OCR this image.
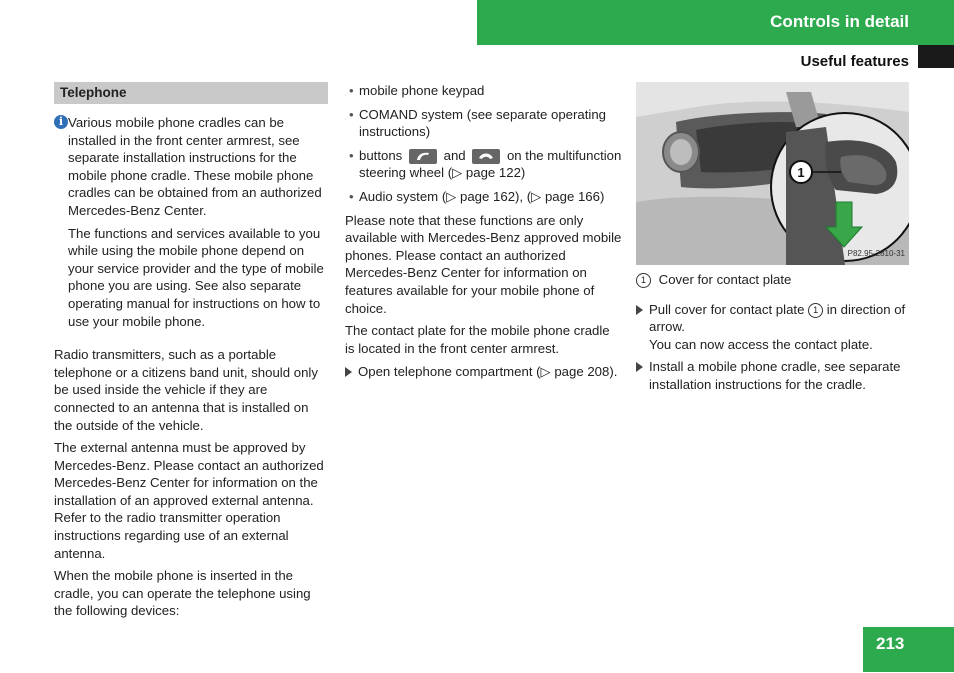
Controls in detail
Useful features
Telephone
i Various mobile phone cradles can be installed in the front center armrest, see separate installation instructions for the mobile phone cradle. These mobile phone cradles can be obtained from an authorized Mercedes-Benz Center.

The functions and services available to you while using the mobile phone depend on your service provider and the type of mobile phone you are using. See also separate operating manual for instructions on how to use your mobile phone.

Radio transmitters, such as a portable telephone or a citizens band unit, should only be used inside the vehicle if they are connected to an antenna that is installed on the outside of the vehicle.

The external antenna must be approved by Mercedes-Benz. Please contact an authorized Mercedes-Benz Center for information on the installation of an approved external antenna. Refer to the radio transmitter operation instructions regarding use of an external antenna.

When the mobile phone is inserted in the cradle, you can operate the telephone using the following devices:

• mobile phone keypad
• COMAND system (see separate operating instructions)
• buttons	and	on the multifunction steering wheel (▷ page 122)
• Audio system (▷ page 162), (▷ page 166)

Please note that these functions are only available with Mercedes-Benz approved mobile phones. Please contact an authorized Mercedes-Benz Center for information on features available for your mobile phone of choice.

The contact plate for the mobile phone cradle is located in the front center armrest.

Open telephone compartment (▷ page 208).
1
P82.95-2810-31

1 Cover for contact plate

Pull cover for contact plate 1 in direction of arrow.
You can now access the contact plate.
Install a mobile phone cradle, see separate installation instructions for the cradle.
213
